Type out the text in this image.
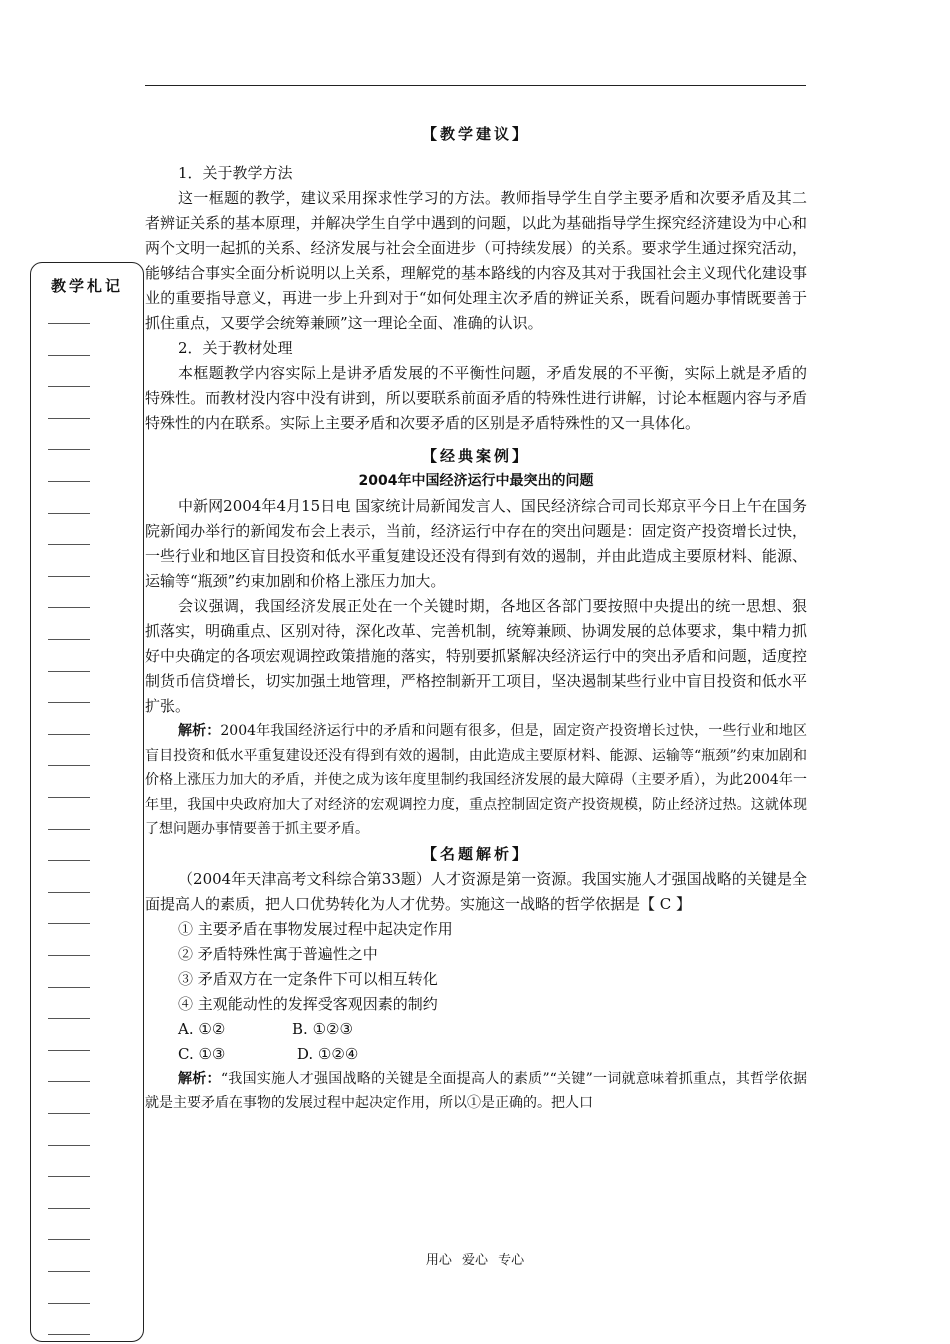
教学札记

【教学建议】

1．关于教学方法

这一框题的教学，建议采用探求性学习的方法。教师指导学生自学主要矛盾和次要矛盾及其二者辨证关系的基本原理，并解决学生自学中遇到的问题，以此为基础指导学生探究经济建设为中心和两个文明一起抓的关系、经济发展与社会全面进步（可持续发展）的关系。要求学生通过探究活动，能够结合事实全面分析说明以上关系，理解党的基本路线的内容及其对于我国社会主义现代化建设事业的重要指导意义，再进一步上升到对于“如何处理主次矛盾的辨证关系，既看问题办事情既要善于抓住重点，又要学会统筹兼顾”这一理论全面、准确的认识。

2．关于教材处理

本框题教学内容实际上是讲矛盾发展的不平衡性问题，矛盾发展的不平衡，实际上就是矛盾的特殊性。而教材没内容中没有讲到，所以要联系前面矛盾的特殊性进行讲解，讨论本框题内容与矛盾特殊性的内在联系。实际上主要矛盾和次要矛盾的区别是矛盾特殊性的又一具体化。

【经典案例】

2004年中国经济运行中最突出的问题

中新网2004年4月15日电 国家统计局新闻发言人、国民经济综合司司长郑京平今日上午在国务院新闻办举行的新闻发布会上表示，当前，经济运行中存在的突出问题是：固定资产投资增长过快，一些行业和地区盲目投资和低水平重复建设还没有得到有效的遏制，并由此造成主要原材料、能源、运输等“瓶颈”约束加剧和价格上涨压力加大。

会议强调，我国经济发展正处在一个关键时期，各地区各部门要按照中央提出的统一思想、狠抓落实，明确重点、区别对待，深化改革、完善机制，统筹兼顾、协调发展的总体要求，集中精力抓好中央确定的各项宏观调控政策措施的落实，特别要抓紧解决经济运行中的突出矛盾和问题，适度控制货币信贷增长，切实加强土地管理，严格控制新开工项目，坚决遏制某些行业中盲目投资和低水平扩张。

解析：2004年我国经济运行中的矛盾和问题有很多，但是，固定资产投资增长过快，一些行业和地区盲目投资和低水平重复建设还没有得到有效的遏制，由此造成主要原材料、能源、运输等“瓶颈”约束加剧和价格上涨压力加大的矛盾，并使之成为该年度里制约我国经济发展的最大障碍（主要矛盾），为此2004年一年里，我国中央政府加大了对经济的宏观调控力度，重点控制固定资产投资规模，防止经济过热。这就体现了想问题办事情要善于抓主要矛盾。

【名题解析】

（2004年天津高考文科综合第33题）人才资源是第一资源。我国实施人才强国战略的关键是全面提高人的素质，把人口优势转化为人才优势。实施这一战略的哲学依据是【 C 】

① 主要矛盾在事物发展过程中起决定作用

② 矛盾特殊性寓于普遍性之中

③ 矛盾双方在一定条件下可以相互转化

④ 主观能动性的发挥受客观因素的制约

A. ①②              B. ①②③

C. ①③               D. ①②④

解析：“我国实施人才强国战略的关键是全面提高人的素质”“关键”一词就意味着抓重点，其哲学依据就是主要矛盾在事物的发展过程中起决定作用，所以①是正确的。把人口

用心 爱心 专心
